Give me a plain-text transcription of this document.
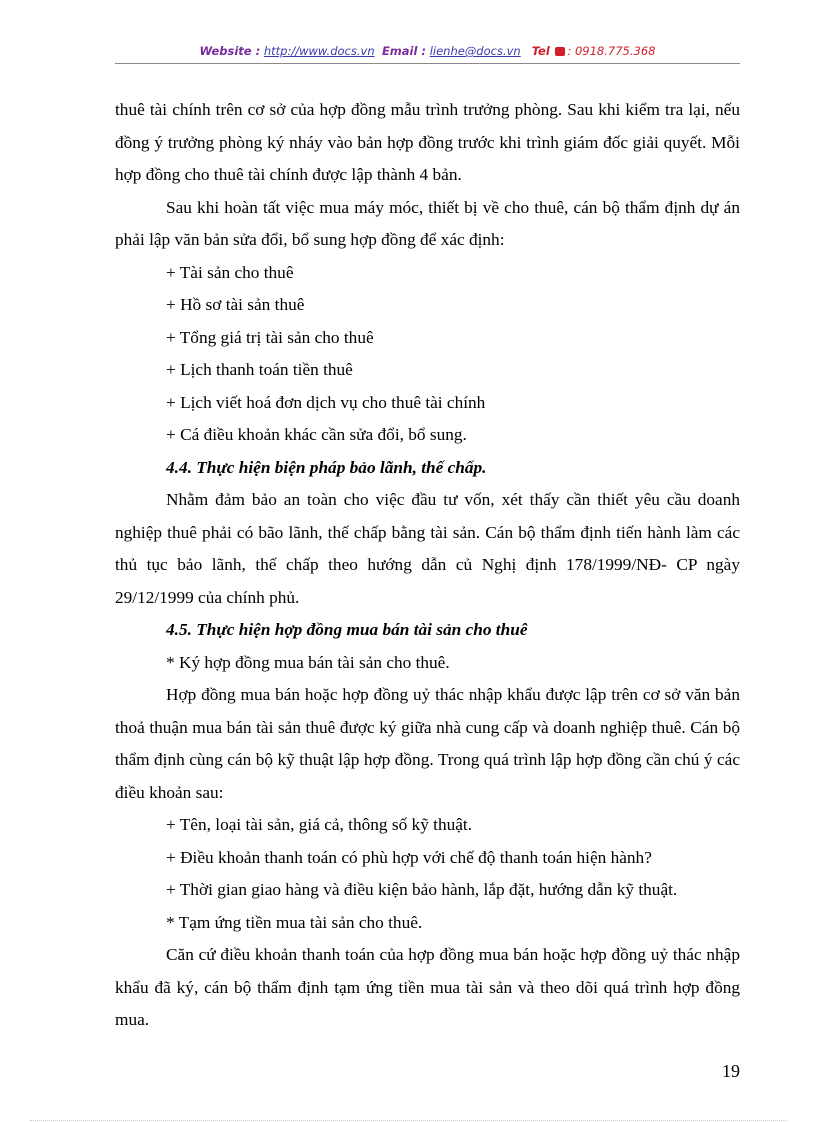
Website : http://www.docs.vn Email : lienhe@docs.vn Tel : 0918.775.368

thuê tài chính trên cơ sở của hợp đồng mẫu trình trưởng phòng. Sau khi kiểm tra lại, nếu đồng ý trưởng phòng ký nháy vào bản hợp đồng trước khi trình giám đốc giải quyết. Mỗi hợp đồng cho thuê tài chính được lập thành 4 bản.

Sau khi hoàn tất việc mua máy móc, thiết bị về cho thuê, cán bộ thẩm định dự án phải lập văn bản sửa đổi, bổ sung hợp đồng để xác định:

+ Tài sản cho thuê

+ Hồ sơ tài sản thuê

+ Tổng giá trị tài sản cho thuê

+ Lịch thanh toán tiền thuê

+ Lịch viết hoá đơn dịch vụ cho thuê tài chính

+ Cá điều khoản khác cần sửa đổi, bổ sung.

4.4. Thực hiện biện pháp bảo lãnh, thế chấp.

Nhằm đảm bảo an toàn cho việc đầu tư vốn, xét thấy cần thiết yêu cầu doanh nghiệp thuê phải có bão lãnh, thế chấp bằng tài sản. Cán bộ thẩm định tiến hành làm các thủ tục bảo lãnh, thế chấp theo hướng dẫn củ Nghị định 178/1999/NĐ- CP ngày 29/12/1999 của chính phủ.

4.5. Thực hiện hợp đồng mua bán tài sản cho thuê

* Ký hợp đồng mua bán tài sản cho thuê.

Hợp đồng mua bán hoặc hợp đồng uỷ thác nhập khẩu được lập trên cơ sở văn bản thoả thuận mua bán tài sản thuê được ký giữa nhà cung cấp và doanh nghiệp thuê. Cán bộ thẩm định cùng cán bộ kỹ thuật lập hợp đồng. Trong quá trình lập hợp đồng cần chú ý các điều khoản sau:

+ Tên, loại tài sản, giá cả, thông số kỹ thuật.

+ Điều khoản thanh toán có phù hợp với chế độ thanh toán hiện hành?

+ Thời gian giao hàng và điều kiện bảo hành, lắp đặt, hướng dẫn kỹ thuật.

* Tạm ứng tiền mua tài sản cho thuê.

Căn cứ điều khoản thanh toán của hợp đồng mua bán hoặc hợp đồng uỷ thác nhập khẩu đã ký, cán bộ thẩm định tạm ứng tiền mua tài sản và theo dõi quá trình hợp đồng mua.

19
